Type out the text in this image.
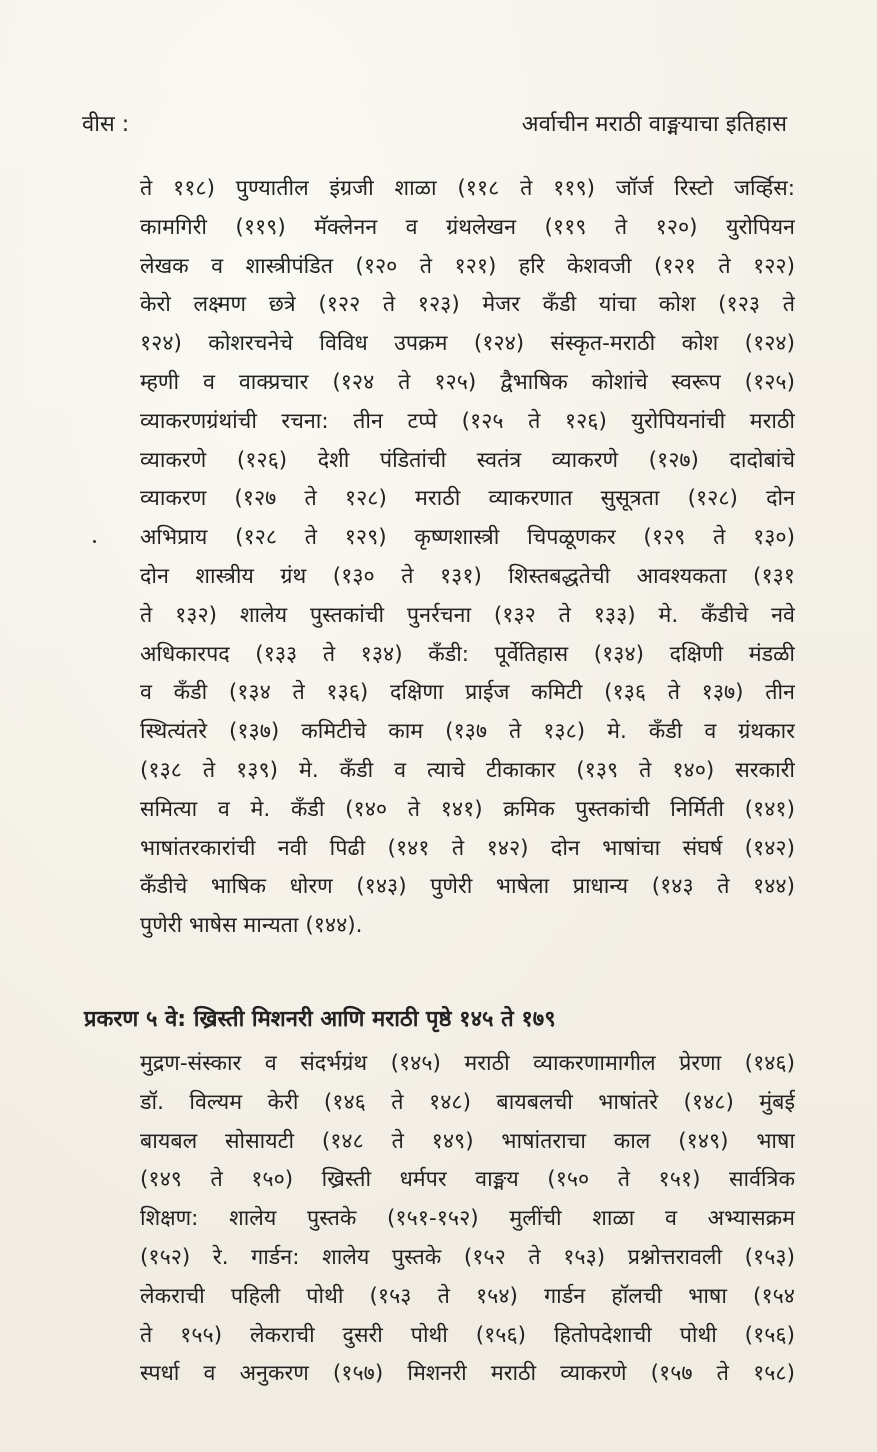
वीस :	अर्वाचीन मराठी वाङ्मयाचा इतिहास
ते ११८) पुण्यातील इंग्रजी शाळा (११८ ते ११९) जॉर्ज रिस्टो जर्व्हिस:
कामगिरी (११९) मॅक्लेनन व ग्रंथलेखन (११९ ते १२०) युरोपियन
लेखक व शास्त्रीपंडित (१२० ते १२१) हरि केशवजी (१२१ ते १२२)
केरो लक्ष्मण छत्रे (१२२ ते १२३) मेजर कँडी यांचा कोश (१२३ ते
१२४) कोशरचनेचे विविध उपक्रम (१२४) संस्कृत-मराठी कोश (१२४)
म्हणी व वाक्प्रचार (१२४ ते १२५) द्वैभाषिक कोशांचे स्वरूप (१२५)
व्याकरणग्रंथांची रचना: तीन टप्पे (१२५ ते १२६) युरोपियनांची मराठी
व्याकरणे (१२६) देशी पंडितांची स्वतंत्र व्याकरणे (१२७) दादोबांचे
व्याकरण (१२७ ते १२८) मराठी व्याकरणात सुसूत्रता (१२८) दोन
अभिप्राय (१२८ ते १२९) कृष्णशास्त्री चिपळूणकर (१२९ ते १३०)
दोन शास्त्रीय ग्रंथ (१३० ते १३१) शिस्तबद्धतेची आवश्यकता (१३१
ते १३२) शालेय पुस्तकांची पुनर्रचना (१३२ ते १३३) मे. कँडीचे नवे
अधिकारपद (१३३ ते १३४) कँडी: पूर्वेतिहास (१३४) दक्षिणी मंडळी
व कँडी (१३४ ते १३६) दक्षिणा प्राईज कमिटी (१३६ ते १३७) तीन
स्थित्यंतरे (१३७) कमिटीचे काम (१३७ ते १३८) मे. कँडी व ग्रंथकार
(१३८ ते १३९) मे. कँडी व त्याचे टीकाकार (१३९ ते १४०) सरकारी
समित्या व मे. कँडी (१४० ते १४१) क्रमिक पुस्तकांची निर्मिती (१४१)
भाषांतरकारांची नवी पिढी (१४१ ते १४२) दोन भाषांचा संघर्ष (१४२)
कँडीचे भाषिक धोरण (१४३) पुणेरी भाषेला प्राधान्य (१४३ ते १४४)
पुणेरी भाषेस मान्यता (१४४).
प्रकरण ५ वे: ख्रिस्ती मिशनरी आणि मराठी पृष्ठे १४५ ते १७९
मुद्रण-संस्कार व संदर्भग्रंथ (१४५) मराठी व्याकरणामागील प्रेरणा (१४६)
डॉ. विल्यम केरी (१४६ ते १४८) बायबलची भाषांतरे (१४८) मुंबई
बायबल सोसायटी (१४८ ते १४९) भाषांतराचा काल (१४९) भाषा
(१४९ ते १५०) ख्रिस्ती धर्मपर वाङ्मय (१५० ते १५१) सार्वत्रिक
शिक्षण: शालेय पुस्तके (१५१-१५२) मुलींची शाळा व अभ्यासक्रम
(१५२) रे. गार्डन: शालेय पुस्तके (१५२ ते १५३) प्रश्नोत्तरावली (१५३)
लेकराची पहिली पोथी (१५३ ते १५४) गार्डन हॉलची भाषा (१५४
ते १५५) लेकराची दुसरी पोथी (१५६) हितोपदेशाची पोथी (१५६)
स्पर्धा व अनुकरण (१५७) मिशनरी मराठी व्याकरणे (१५७ ते १५८)
